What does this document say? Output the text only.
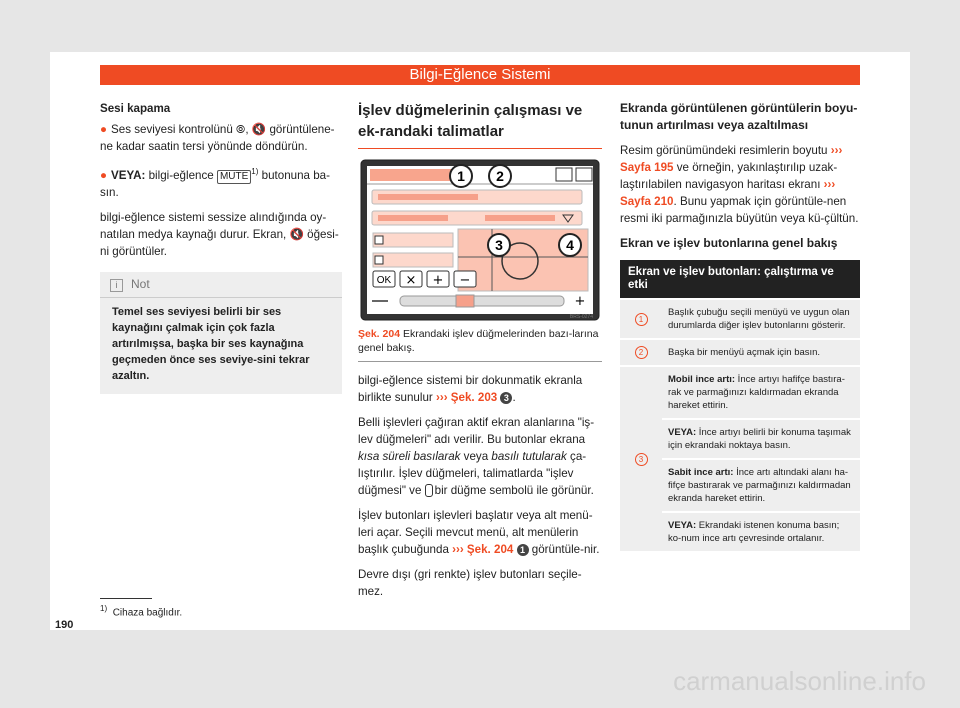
Bilgi-Eğlence Sistemi

Sesi kapama

● Ses seviyesi kontrolünü ⦾, 🔇 görüntülene-ne kadar saatin tersi yönünde döndürün.

● VEYA: bilgi-eğlence MUTE $^{1)}$ butonuna ba-sın.

bilgi-eğlence sistemi sessize alındığında oy-natılan medya kaynağı durur. Ekran, 🔇 öğesi-ni görüntüler.

i Not
Temel ses seviyesi belirli bir ses kaynağını çalmak için çok fazla artırılmışsa, başka bir ses kaynağına geçmeden önce ses seviye-sini tekrar azaltın.
İşlev düğmelerinin çalışması ve ek-randaki talimatlar
OK × + −
+
1 2
3	4
BRS-0274
Şek. 204 Ekrandaki işlev düğmelerinden bazı-larına genel bakış.

bilgi-eğlence sistemi bir dokunmatik ekranla birlikte sunulur ››› Şek. 203 3 .

Belli işlevleri çağıran aktif ekran alanlarına "iş-lev düğmeleri" adı verilir. Bu butonlar ekrana kısa süreli basılarak veya basılı tutularak ça-lıştırılır. İşlev düğmeleri, talimatlarda "işlev düğmesi" ve bir düğme sembolü ile görünür.

İşlev butonları işlevleri başlatır veya alt menü-leri açar. Seçili mevcut menü, alt menülerin başlık çubuğunda ››› Şek. 204 1 görüntüle-nir.

Devre dışı (gri renkte) işlev butonları seçile-mez.

Ekranda görüntülenen görüntülerin boyu-tunun artırılması veya azaltılması

Resim görünümündeki resimlerin boyutu ››› Sayfa 195 ve örneğin, yakınlaştırılıp uzak-laştırılabilen navigasyon haritası ekranı ››› Sayfa 210. Bunu yapmak için görüntüle-nen resmi iki parmağınızla büyütün veya kü-çültün.

Ekran ve işlev butonlarına genel bakış
Ekran ve işlev butonları: çalıştırma ve etki	
1	Başlık çubuğu seçili menüyü ve uygun olan durumlarda diğer işlev butonlarını gösterir.
2	Başka bir menüyü açmak için basın.
3	Mobil ince artı: İnce artıyı hafifçe bastıra-rak ve parmağınızı kaldırmadan ekranda hareket ettirin.
	VEYA: İnce artıyı belirli bir konuma taşımak için ekrandaki noktaya basın.
	Sabit ince artı: İnce artı altındaki alanı ha-fifçe bastırarak ve parmağınızı kaldırmadan ekranda hareket ettirin.
	VEYA: Ekrandaki istenen konuma basın; ko-num ince artı çevresinde ortalanır.
$^{1)}$ Cihaza bağlıdır.
190
carmanualsonline.info
